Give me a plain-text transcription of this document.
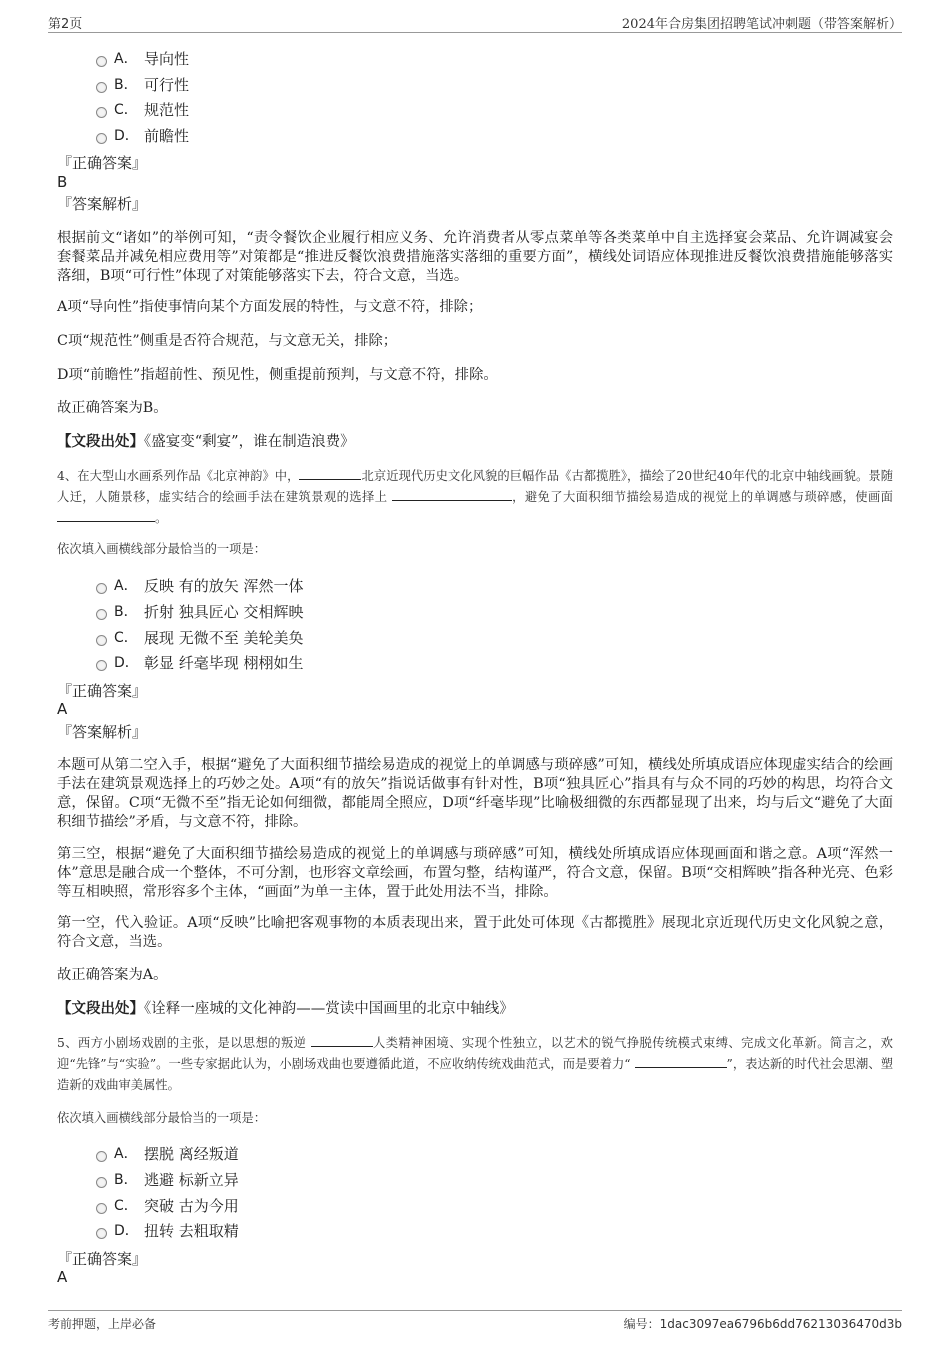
第2页	2024年合房集团招聘笔试冲刺题（带答案解析）
A． 导向性
B． 可行性
C． 规范性
D． 前瞻性
『正确答案』
B
『答案解析』

根据前文“诸如”的举例可知，“责令餐饮企业履行相应义务、允许消费者从零点菜单等各类菜单中自主选择宴会菜品、允许调减宴会套餐菜品并减免相应费用等”对策都是“推进反餐饮浪费措施落实落细的重要方面”，横线处词语应体现推进反餐饮浪费措施能够落实落细，B项“可行性”体现了对策能够落实下去，符合文意，当选。

A项“导向性”指使事情向某个方面发展的特性，与文意不符，排除；

C项“规范性”侧重是否符合规范，与文意无关，排除；

D项“前瞻性”指超前性、预见性，侧重提前预判，与文意不符，排除。

故正确答案为B。

【文段出处】《盛宴变“剩宴”，谁在制造浪费》
4、在大型山水画系列作品《北京神韵》中，	北京近现代历史文化风貌的巨幅作品《古都揽胜》，描绘了20世纪40年代的北京中轴线画貌。景随人迁，人随景移，虚实结合的绘画手法在建筑景观的选择上	，避免了大面积细节描绘易造成的视觉上的单调感与琐碎感，使画面。
依次填入画横线部分最恰当的一项是：
A． 反映 有的放矢 浑然一体
B． 折射 独具匠心 交相辉映
C． 展现 无微不至 美轮美奂
D． 彰显 纤毫毕现 栩栩如生
『正确答案』
A
『答案解析』

本题可从第二空入手，根据“避免了大面积细节描绘易造成的视觉上的单调感与琐碎感”可知，横线处所填成语应体现虚实结合的绘画手法在建筑景观选择上的巧妙之处。A项“有的放矢”指说话做事有针对性，B项“独具匠心”指具有与众不同的巧妙的构思，均符合文意，保留。C项“无微不至”指无论如何细微，都能周全照应，D项“纤毫毕现”比喻极细微的东西都显现了出来，均与后文“避免了大面积细节描绘”矛盾，与文意不符，排除。

第三空，根据“避免了大面积细节描绘易造成的视觉上的单调感与琐碎感”可知，横线处所填成语应体现画面和谐之意。A项“浑然一体”意思是融合成一个整体，不可分割，也形容文章绘画，布置匀整，结构谨严，符合文意，保留。B项“交相辉映”指各种光亮、色彩等互相映照，常形容多个主体，“画面”为单一主体，置于此处用法不当，排除。

第一空，代入验证。A项“反映”比喻把客观事物的本质表现出来，置于此处可体现《古都揽胜》展现北京近现代历史文化风貌之意，符合文意，当选。

故正确答案为A。

【文段出处】《诠释一座城的文化神韵——赏读中国画里的北京中轴线》
5、西方小剧场戏剧的主张，是以思想的叛逆	人类精神困境、实现个性独立，以艺术的锐气挣脱传统模式束缚、完成文化革新。简言之，欢迎“先锋”与“实验”。一些专家据此认为，小剧场戏曲也要遵循此道，不应收纳传统戏曲范式，而是要着力“	”，表达新的时代社会思潮、塑造新的戏曲审美属性。
依次填入画横线部分最恰当的一项是：
A． 摆脱 离经叛道
B． 逃避 标新立异
C． 突破 古为今用
D． 扭转 去粗取精
『正确答案』
A
考前押题，上岸必备	编号：1dac3097ea6796b6dd76213036470d3b
